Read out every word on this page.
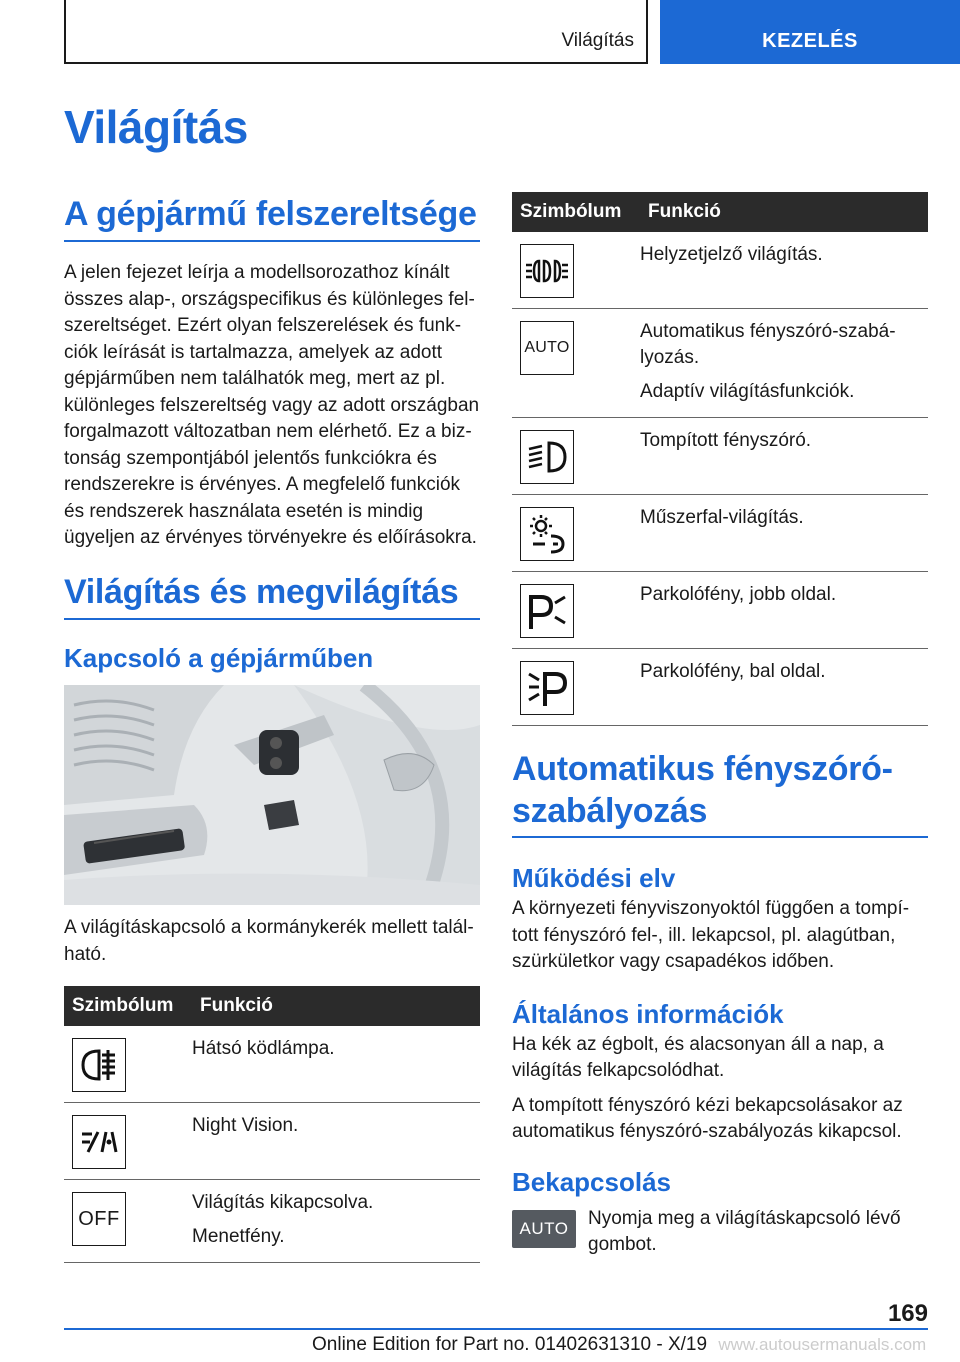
Világítás	KEZELÉS
Világítás
A gépjármű felszereltsége

A jelen fejezet leírja a modellsorozathoz kínált összes alap-, országspecifikus és különleges felszereltséget. Ezért olyan felszerelések és funkciók leírását is tartalmazza, amelyek az adott gépjárműben nem találhatók meg, mert az pl. különleges felszereltség vagy az adott országban forgalmazott változatban nem elérhető. Ez a biztonság szempontjából jelentős funkciókra és rendszerekre is érvényes. A megfelelő funkciók és rendszerek használata esetén is mindig ügyeljen az érvényes törvényekre és előírásokra.

Világítás és megvilágítás
Kapcsoló a gépjárműben

A világításkapcsoló a kormánykerék mellett található.

Szimbólum	Funkció

Hátsó ködlámpa.

Night Vision.

OFF	Világítás kikapcsolva.
Menetfény.
Szimbólum	Funkció

Helyzetjelző világítás.

AUTO	Automatikus fényszóró-szabályozás.
Adaptív világításfunkciók.

Tompított fényszóró.

Műszerfal-világítás.

Parkolófény, jobb oldal.

Parkolófény, bal oldal.
Automatikus fényszóró-szabályozás
Működési elv

A környezeti fényviszonyoktól függően a tompított fényszóró fel-, ill. lekapcsol, pl. alagútban, szürkületkor vagy csapadékos időben.

Általános információk

Ha kék az égbolt, és alacsonyan áll a nap, a világítás felkapcsolódhat.

A tompított fényszóró kézi bekapcsolásakor az automatikus fényszóró-szabályozás kikapcsol.

Bekapcsolás
AUTO Nyomja meg a világításkapcsoló lévő gombot.

169
Online Edition for Part no. 01402631310 - X/19 www.autousermanuals.com
